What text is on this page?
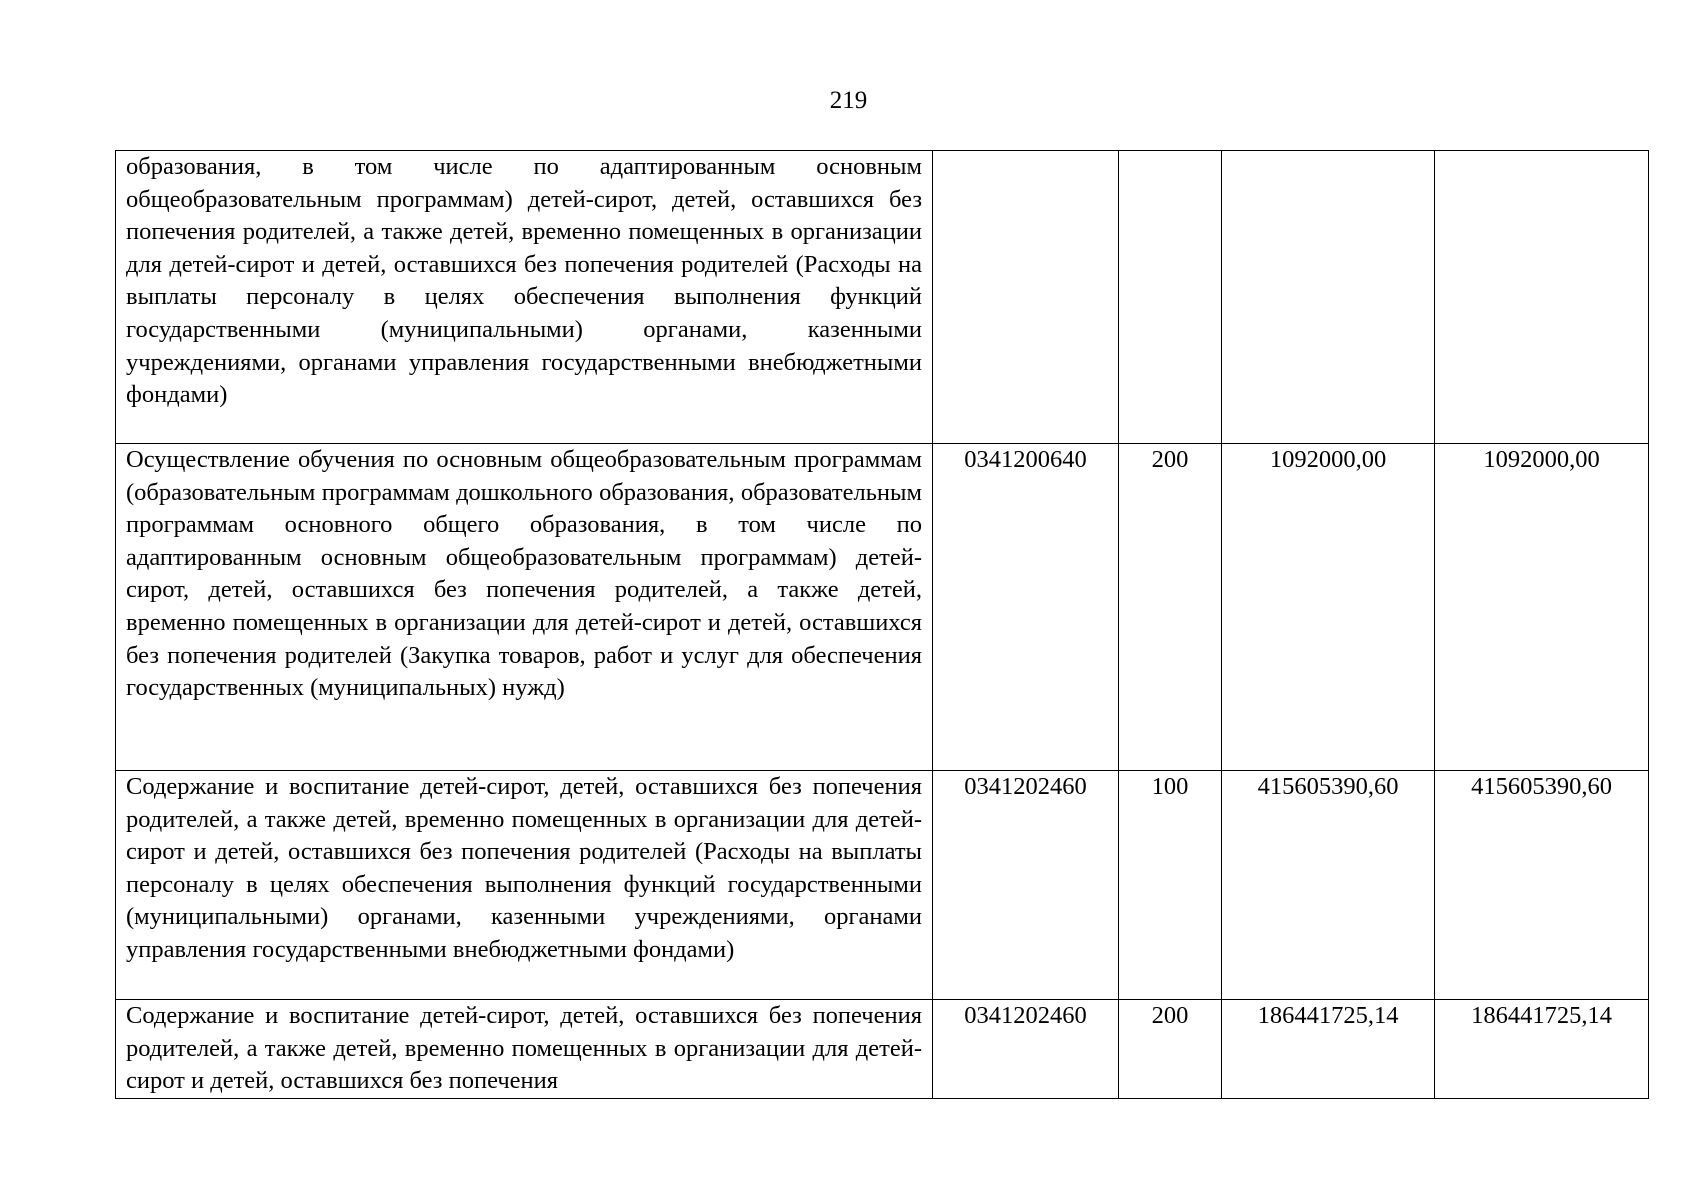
219
образования, в том числе по адаптированным основным общеобразовательным программам) детей-сирот, детей, оставшихся без попечения родителей, а также детей, временно помещенных в организации для детей-сирот и детей, оставшихся без попечения родителей (Расходы на выплаты персоналу в целях обеспечения выполнения функций государственными (муниципальными) органами, казенными учреждениями, органами управления государственными внебюджетными фондами)				
Осуществление обучения по основным общеобразовательным программам (образовательным программам дошкольного образования, образовательным программам основного общего образования, в том числе по адаптированным основным общеобразовательным программам) детей-сирот, детей, оставшихся без попечения родителей, а также детей, временно помещенных в организации для детей-сирот и детей, оставшихся без попечения родителей (Закупка товаров, работ и услуг для обеспечения государственных (муниципальных) нужд)	0341200640	200	1092000,00	1092000,00
Содержание и воспитание детей-сирот, детей, оставшихся без попечения родителей, а также детей, временно помещенных в организации для детей-сирот и детей, оставшихся без попечения родителей (Расходы на выплаты персоналу в целях обеспечения выполнения функций государственными (муниципальными) органами, казенными учреждениями, органами управления государственными внебюджетными фондами)	0341202460	100	415605390,60	415605390,60

Содержание и воспитание детей-сирот, детей, оставшихся без попечения родителей, а также детей, временно помещенных в организации для детей-сирот и детей, оставшихся без попечения	0341202460	200	186441725,14	186441725,14
